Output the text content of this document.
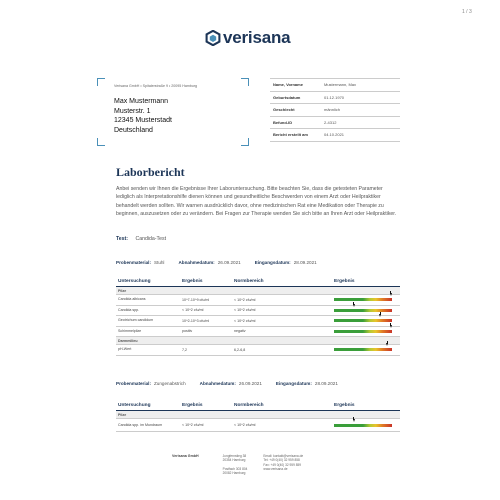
1 / 3
verisana
Verisana GmbH • Spitalerstraße 9 • 20095 Hamburg
Max Mustermann
Musterstr. 1
12345 Musterstadt
Deutschland
Name, Vorname	Mustermann, Max
Geburtsdatum	01.12.1970
Geschlecht	männlich
Befund-ID	2-4312
Bericht erstellt am	04.10.2021
Laborbericht
Anbei senden wir Ihnen die Ergebnisse Ihrer Laboruntersuchung. Bitte beachten Sie, dass die getesteten Parameter lediglich als Interpretationshilfe dienen können und gesundheitliche Beschwerden von einem Arzt oder Heilpraktiker behandelt werden sollten. Wir warnen ausdrücklich davor, ohne medizinischen Rat eine Medikation oder Therapie zu beginnen, auszusetzen oder zu verändern. Bei Fragen zur Therapie wenden Sie sich bitte an Ihren Arzt oder Heilpraktiker.
Test: Candida-Test
Probenmaterial: Stuhl	Abnahmedatum: 26.09.2021	Eingangsdatum: 28.09.2021
Untersuchung	Ergebnis	Normbereich	Ergebnis
Pilze
Candida albicans	10^7-10^9 cfu/ml	< 10^2 cfu/ml
Candida spp.	< 10^2 cfu/ml	< 10^2 cfu/ml
Geotrichum candidum	10^2-10^3 cfu/ml	< 10^2 cfu/ml
Schimmelpilze	positiv	negativ
Darmmilieu
pH-Wert	7,2	6,2-6,8
Probenmaterial: Zungenabstrich	Abnahmedatum: 26.09.2021	Eingangsdatum: 28.09.2021
Untersuchung	Ergebnis	Normbereich	Ergebnis
Pilze
Candida spp. im Mundraum	< 10^2 cfu/ml	< 10^2 cfu/ml
Verisana GmbH	Jungfernstieg 38
20354 Hamburg
Postfach 303 804
20082 Hamburg
Email: kontakt@verisana.de
Tel: +49 0(40) 32 959 858
Fax: +49 0(40) 32 959 859
www.verisana.de
